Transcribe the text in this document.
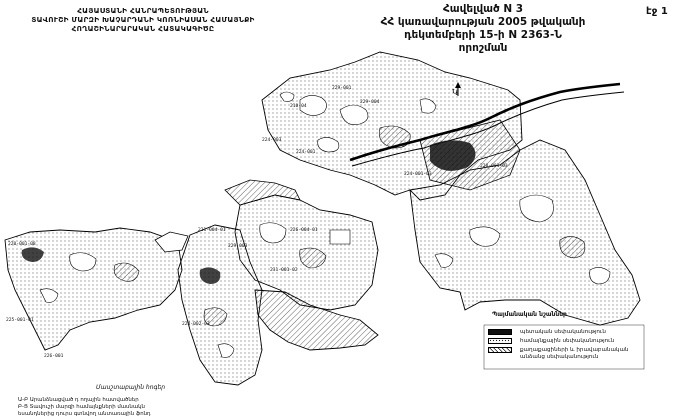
ՀԱՅԱՍՏԱՆԻ ՀԱՆՐԱՊԵՏՈՒԹՅԱՆ
ՏԱՎՈՒՇԻ ՄԱՐԶԻ ԽԱՉԱՐԴԱՆԻ ԿՈՌՆԻԱՍԱՆ ՀԱՄԱՅՆՔԻ
ՀՈՂԱՇԻՆԱՐԱՐԱԿԱՆ ՀԱՏԱԿԱԳԻԾԸ
Հավելված N 3
ՀՀ կառավարության 2005 թվականի
դեկտեմբերի 15-ի N 2363-Ն որոշման
էջ 1
Կ
229-001
229-004
224-001-03
224-001
224-003
226-004-01
231-001-02
221-004-01
229-003
220-001-08
225-001-01
224-002-03
210-04
220-001-03
226-001
Պայմանական նշաններ
պետական սեփականություն
համայնքային սեփականություն
քաղաքացիների և իրավաբանական
անձանց սեփականություն
Մասշտաբային հոգեր
Ա-Բ Արանձնացված դ ողային հատվածներ
Բ-Ց Տավուշի մարզի համայնքների մասնակն
եսանդներից դուրս գտնվող անտառային ֆոնդ
